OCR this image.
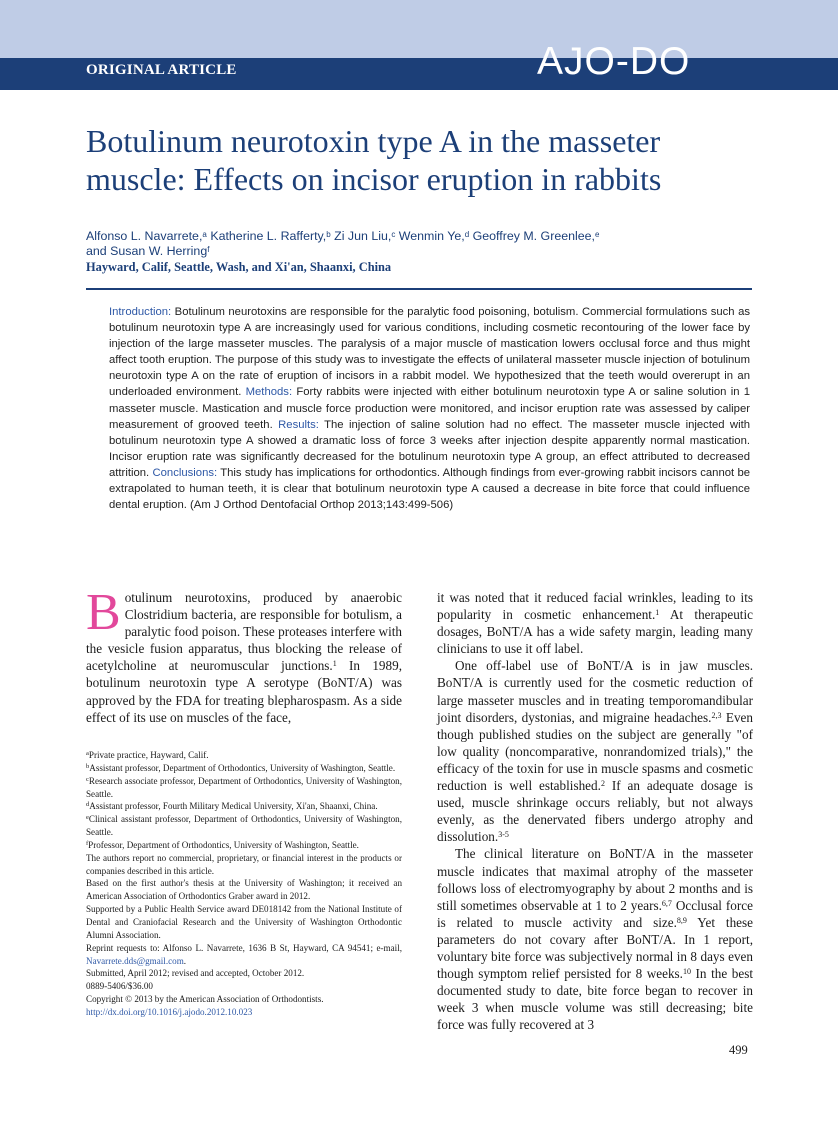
ORIGINAL ARTICLE	AJO-DO
Botulinum neurotoxin type A in the masseter muscle: Effects on incisor eruption in rabbits
Alfonso L. Navarrete,$^a$ Katherine L. Rafferty,$^b$ Zi Jun Liu,$^c$ Wenmin Ye,$^d$ Geoffrey M. Greenlee,$^e$
and Susan W. Herring$^f$
Hayward, Calif, Seattle, Wash, and Xi'an, Shaanxi, China
Introduction: Botulinum neurotoxins are responsible for the paralytic food poisoning, botulism. Commercial formulations such as botulinum neurotoxin type A are increasingly used for various conditions, including cosmetic recontouring of the lower face by injection of the large masseter muscles. The paralysis of a major muscle of mastication lowers occlusal force and thus might affect tooth eruption. The purpose of this study was to investigate the effects of unilateral masseter muscle injection of botulinum neurotoxin type A on the rate of eruption of incisors in a rabbit model. We hypothesized that the teeth would overerupt in an underloaded environment. Methods: Forty rabbits were injected with either botulinum neurotoxin type A or saline solution in 1 masseter muscle. Mastication and muscle force production were monitored, and incisor eruption rate was assessed by caliper measurement of grooved teeth. Results: The injection of saline solution had no effect. The masseter muscle injected with botulinum neurotoxin type A showed a dramatic loss of force 3 weeks after injection despite apparently normal mastication. Incisor eruption rate was significantly decreased for the botulinum neurotoxin type A group, an effect attributed to decreased attrition. Conclusions: This study has implications for orthodontics. Although findings from ever-growing rabbit incisors cannot be extrapolated to human teeth, it is clear that botulinum neurotoxin type A caused a decrease in bite force that could influence dental eruption. (Am J Orthod Dentofacial Orthop 2013;143:499-506)
Botulinum neurotoxins, produced by anaerobic Clostridium bacteria, are responsible for botulism, a paralytic food poison. These proteases interfere with the vesicle fusion apparatus, thus blocking the release of acetylcholine at neuromuscular junctions.$^1$ In 1989, botulinum neurotoxin type A serotype (BoNT/A) was approved by the FDA for treating blepharospasm. As a side effect of its use on muscles of the face,

$^a$Private practice, Hayward, Calif.

$^b$Assistant professor, Department of Orthodontics, University of Washington, Seattle.

$^c$Research associate professor, Department of Orthodontics, University of Washington, Seattle.

$^d$Assistant professor, Fourth Military Medical University, Xi'an, Shaanxi, China.

$^e$Clinical assistant professor, Department of Orthodontics, University of Washington, Seattle.

$^f$Professor, Department of Orthodontics, University of Washington, Seattle.

The authors report no commercial, proprietary, or financial interest in the products or companies described in this article.

Based on the first author's thesis at the University of Washington; it received an American Association of Orthodontics Graber award in 2012.

Supported by a Public Health Service award DE018142 from the National Institute of Dental and Craniofacial Research and the University of Washington Orthodontic Alumni Association.

Reprint requests to: Alfonso L. Navarrete, 1636 B St, Hayward, CA 94541; e-mail, Navarrete.dds@gmail.com.

Submitted, April 2012; revised and accepted, October 2012.

0889-5406/$36.00

Copyright © 2013 by the American Association of Orthodontists.

http://dx.doi.org/10.1016/j.ajodo.2012.10.023

it was noted that it reduced facial wrinkles, leading to its popularity in cosmetic enhancement.$^1$ At therapeutic dosages, BoNT/A has a wide safety margin, leading many clinicians to use it off label.

One off-label use of BoNT/A is in jaw muscles. BoNT/A is currently used for the cosmetic reduction of large masseter muscles and in treating temporomandibular joint disorders, dystonias, and migraine headaches.$^{2,3}$ Even though published studies on the subject are generally "of low quality (noncomparative, nonrandomized trials)," the efficacy of the toxin for use in muscle spasms and cosmetic reduction is well established.$^2$ If an adequate dosage is used, muscle shrinkage occurs reliably, but not always evenly, as the denervated fibers undergo atrophy and dissolution.$^{3-5}$

The clinical literature on BoNT/A in the masseter muscle indicates that maximal atrophy of the masseter follows loss of electromyography by about 2 months and is still sometimes observable at 1 to 2 years.$^{6,7}$ Occlusal force is related to muscle activity and size.$^{8,9}$ Yet these parameters do not covary after BoNT/A. In 1 report, voluntary bite force was subjectively normal in 8 days even though symptom relief persisted for 8 weeks.$^{10}$ In the best documented study to date, bite force began to recover in week 3 when muscle volume was still decreasing; bite force was fully recovered at 3

499
